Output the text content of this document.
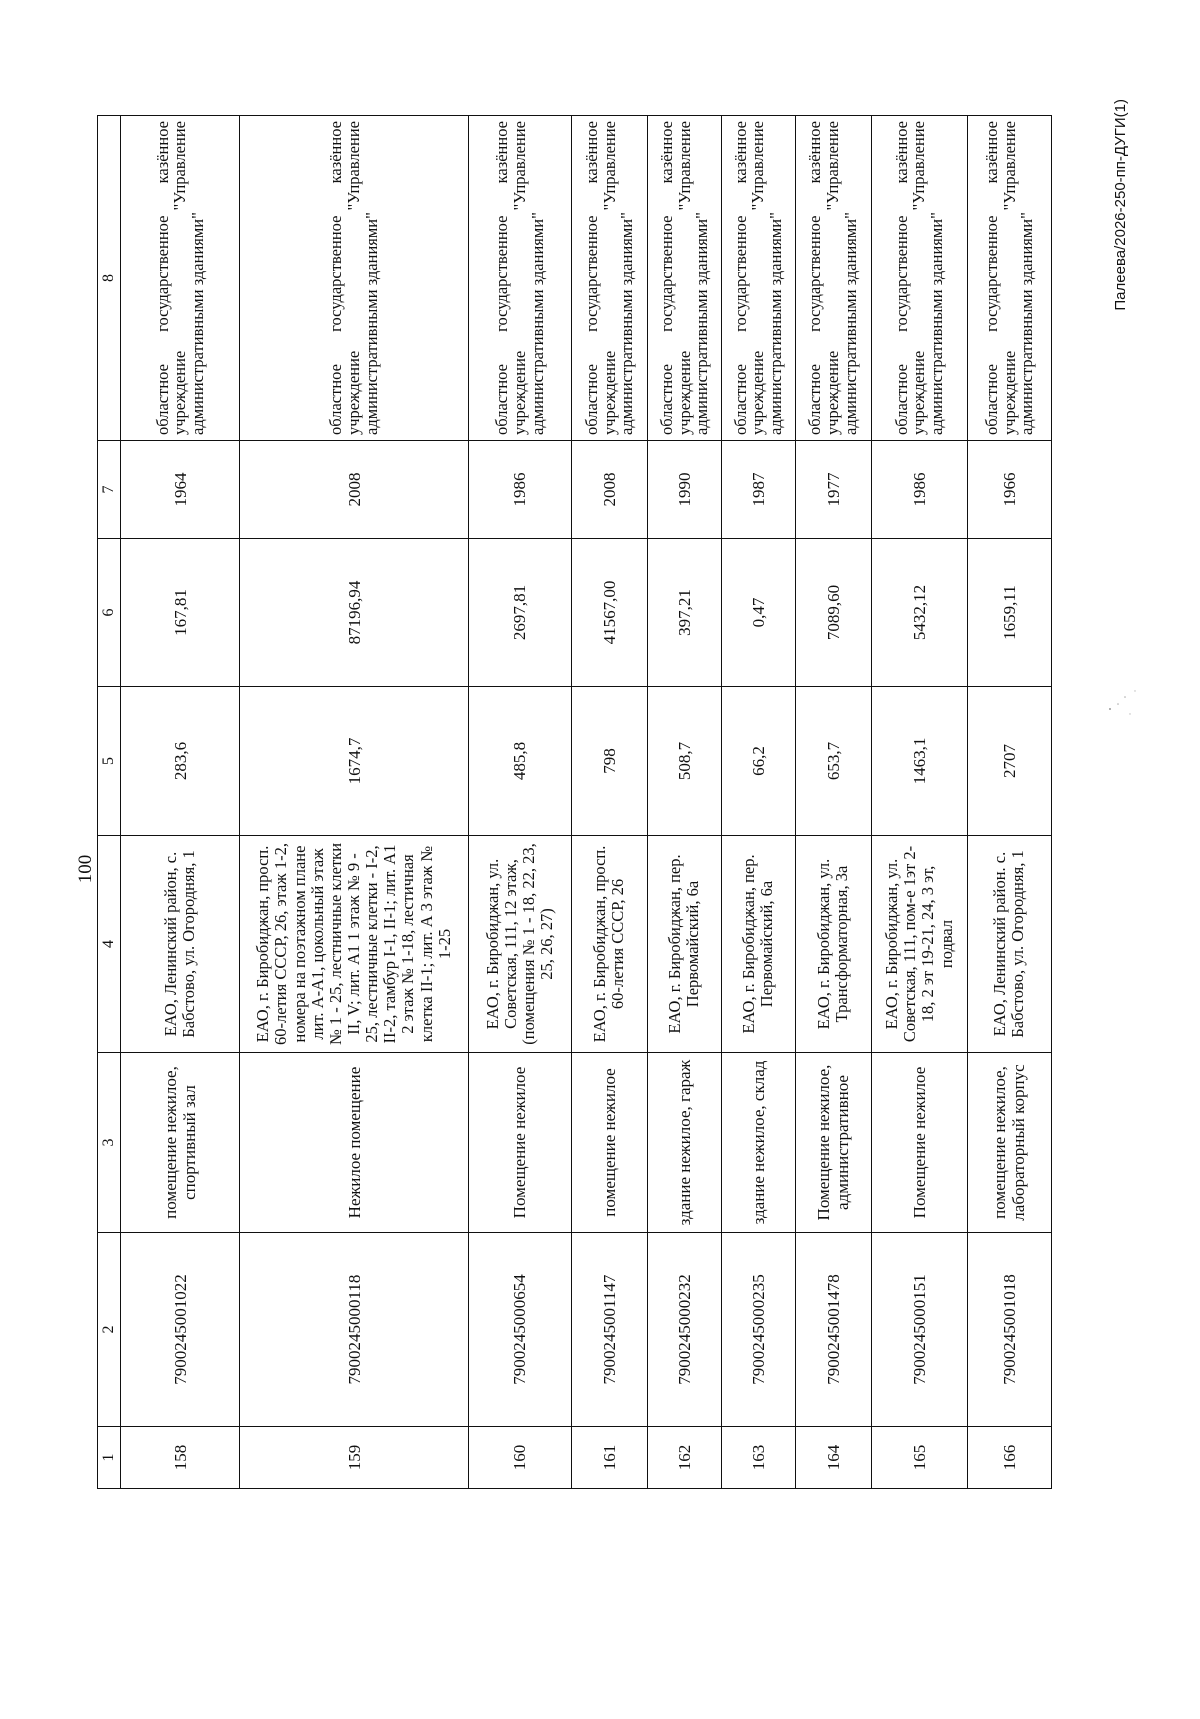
100
1	2	3	4	5	6	7	8
158	7900245001022	помещение нежилое, спортивный зал	ЕАО, Ленинский район, с. Бабстово, ул. Огородняя, 1	283,6	167,81	1964	областное государственное казённое учреждение "Управление административными зданиями"
159	7900245000118	Нежилое помещение	ЕАО, г. Биробиджан, просп. 60-летия СССР, 26, этаж 1-2, номера на поэтажном плане лит. А-А1, цокольный этаж № 1 - 25, лестничные клетки II, V; лит. А1 1 этаж № 9 - 25, лестничные клетки - I-2, II-2, тамбур I-1, II-1; лит. А1 2 этаж № 1-18, лестичная клетка II-1; лит. А 3 этаж № 1-25	1674,7	87196,94	2008	областное государственное казённое учреждение "Управление административными зданиями"
160	7900245000654	Помещение нежилое	ЕАО, г. Биробиджан, ул. Советская, 111, 12 этаж, (помещения № 1 - 18, 22, 23, 25, 26, 27)	485,8	2697,81	1986	областное государственное казённое учреждение "Управление административными зданиями"
161	7900245001147	помещение нежилое	ЕАО, г. Биробиджан, просп. 60-летия СССР, 26	798	41567,00	2008	областное государственное казённое учреждение "Управление административными зданиями"
162	7900245000232	здание нежилое, гараж	ЕАО, г. Биробиджан, пер. Первомайский, 6а	508,7	397,21	1990	областное государственное казённое учреждение "Управление административными зданиями"
163	7900245000235	здание нежилое, склад	ЕАО, г. Биробиджан, пер. Первомайский, 6а	66,2	0,47	1987	областное государственное казённое учреждение "Управление административными зданиями"
164	7900245001478	Помещение нежилое, административное	ЕАО, г. Биробиджан, ул. Трансформаторная, 3а	653,7	7089,60	1977	областное государственное казённое учреждение "Управление административными зданиями"
165	7900245000151	Помещение нежилое	ЕАО, г. Биробиджан, ул. Советская, 111, пом-е 1эт 2-18, 2 эт 19-21, 24, 3 эт, подвал	1463,1	5432,12	1986	областное государственное казённое учреждение "Управление административными зданиями"
166	7900245001018	помещение нежилое, лабораторный корпус	ЕАО, Ленинский район. с. Бабстово, ул. Огородняя, 1	2707	1659,11	1966	областное государственное казённое учреждение "Управление административными зданиями"
Палеева/2026-250-пп-ДУГИ(1)
